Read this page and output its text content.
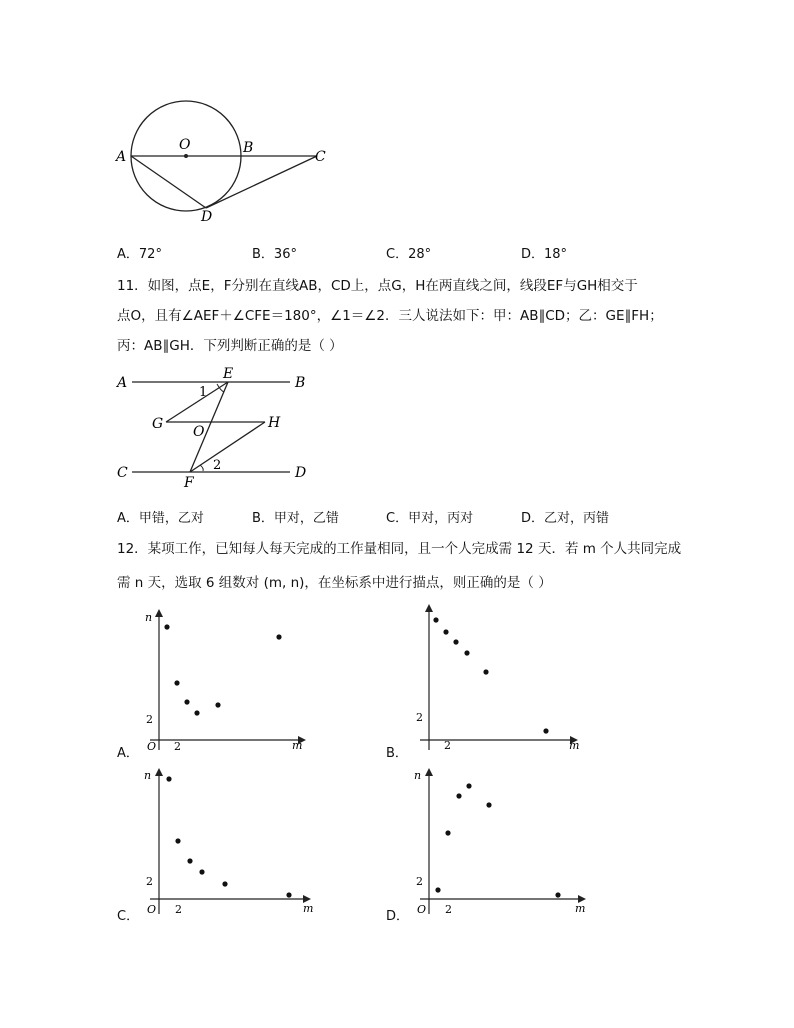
A
O	B
C
D
A．72°	B．36°	C．28°	D．18°
11．如图，点E，F分别在直线AB，CD上，点G，H在两直线之间，线段EF与GH相交于
点O，且有∠AEF＋∠CFE＝180°，∠1＝∠2．三人说法如下：甲：AB∥CD；乙：GE∥FH；
丙：AB∥GH．下列判断正确的是（ ）
A
E
B
G O
H
C
F
D
1
2
A．甲错，乙对	B．甲对，乙错	C．甲对，丙对	D．乙对，丙错
12．某项工作，已知每人每天完成的工作量相同，且一个人完成需 12 天．若 m 个人共同完成
需 n 天，选取 6 组数对 (m, n)，在坐标系中进行描点，则正确的是（ ）
n
m
O 2
2
A．
m
2
2
B．
n
m
O 2
2
C．
n
m
O 2
2
D．
